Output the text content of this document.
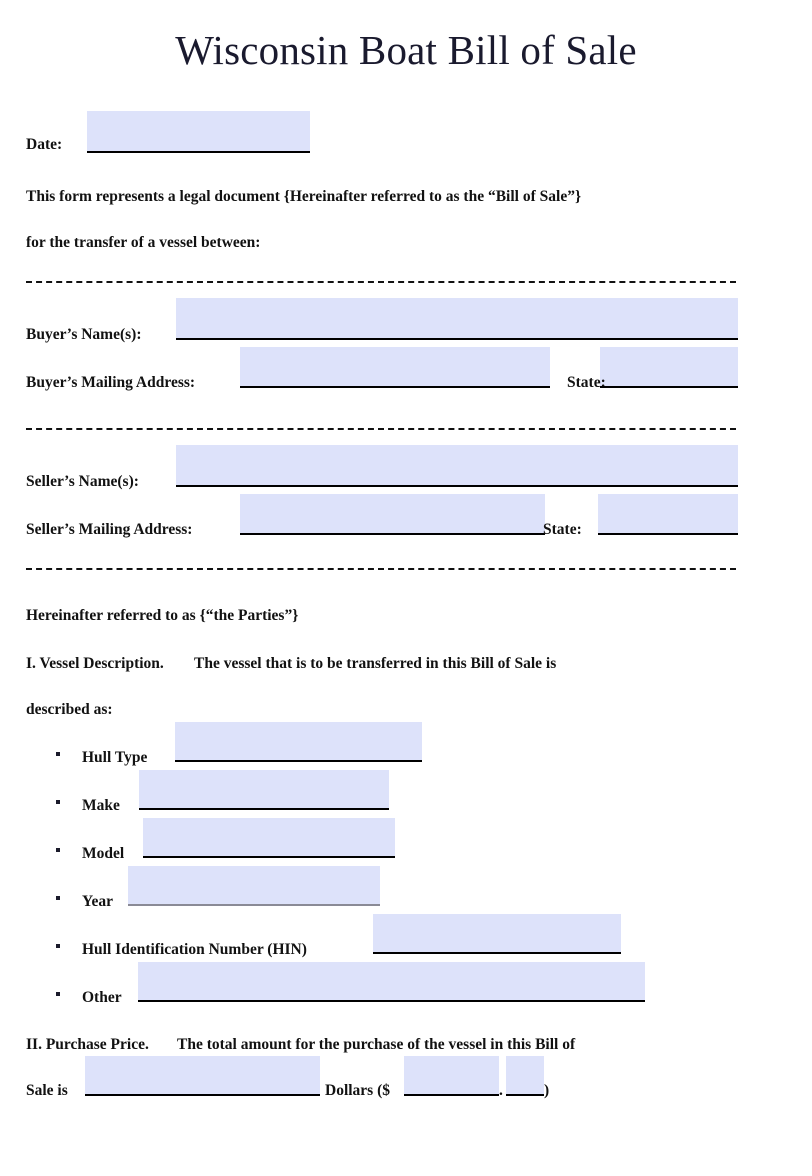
Wisconsin Boat Bill of Sale
Date:
This form represents a legal document {Hereinafter referred to as the “Bill of Sale”}
for the transfer of a vessel between:
Buyer’s Name(s):
Buyer’s Mailing Address:	State:
Seller’s Name(s):
Seller’s Mailing Address:	State:
Hereinafter referred to as {“the Parties”}
I. Vessel Description. The vessel that is to be transferred in this Bill of Sale is
described as:
Hull Type
Make
Model
Year
Hull Identification Number (HIN)
Other
II. Purchase Price. The total amount for the purchase of the vessel in this Bill of
Sale is	Dollars ($	.	)
